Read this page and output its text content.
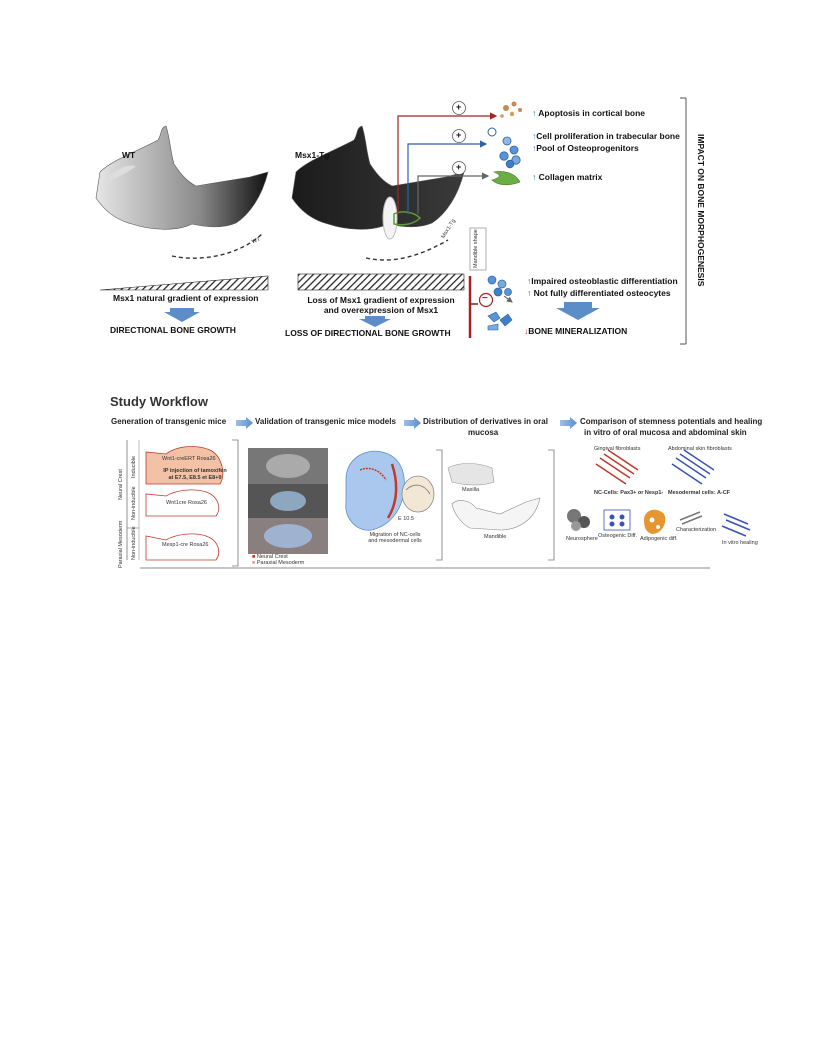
WT	Msx1-Tg
WT
Msx1-Tg
Mandible shape
+
+
+
↑ Apoptosis in cortical bone
↑Cell proliferation in trabecular bone
↑Pool of Osteoprogenitors
↑ Collagen matrix
Msx1 natural gradient of expression
DIRECTIONAL BONE GROWTH
Loss of Msx1 gradient of expression
and overexpression of Msx1
LOSS OF DIRECTIONAL BONE GROWTH
−
↑Impaired osteoblastic differentiation
↑ Not fully differentiated osteocytes
↓BONE MINERALIZATION
IMPACT ON BONE MORPHOGENESIS
Study Workflow
Generation of transgenic mice	Validation of transgenic mice models	Distribution of derivatives in oral
mucosa
Comparison of stemness potentials and healing
in vitro of oral mucosa and abdominal skin
Inducible
Non-inducible
Non-inducible
Neural Crest
Paraxial Mesoderm
Wnt1-creERT Rosa26
Wnt1cre Rosa26
Mesp1-cre Rosa26
IP injection of tamoxifen
at E7.5, E8.5 et E8+9
■ Neural Crest
■ Paraxial Mesoderm
E 10.5
Migration of NC-cells
and mesodermal cells
Maxilla
Mandible
Gingival fibroblasts	Abdominal skin fibroblasts
NC-Cells: Pax3+ or Nesp1- Mesodermal cells: A-CF
Neurosphere Osteogenic Diff. Adipogenic diff.
Characterization
In vitro healing
